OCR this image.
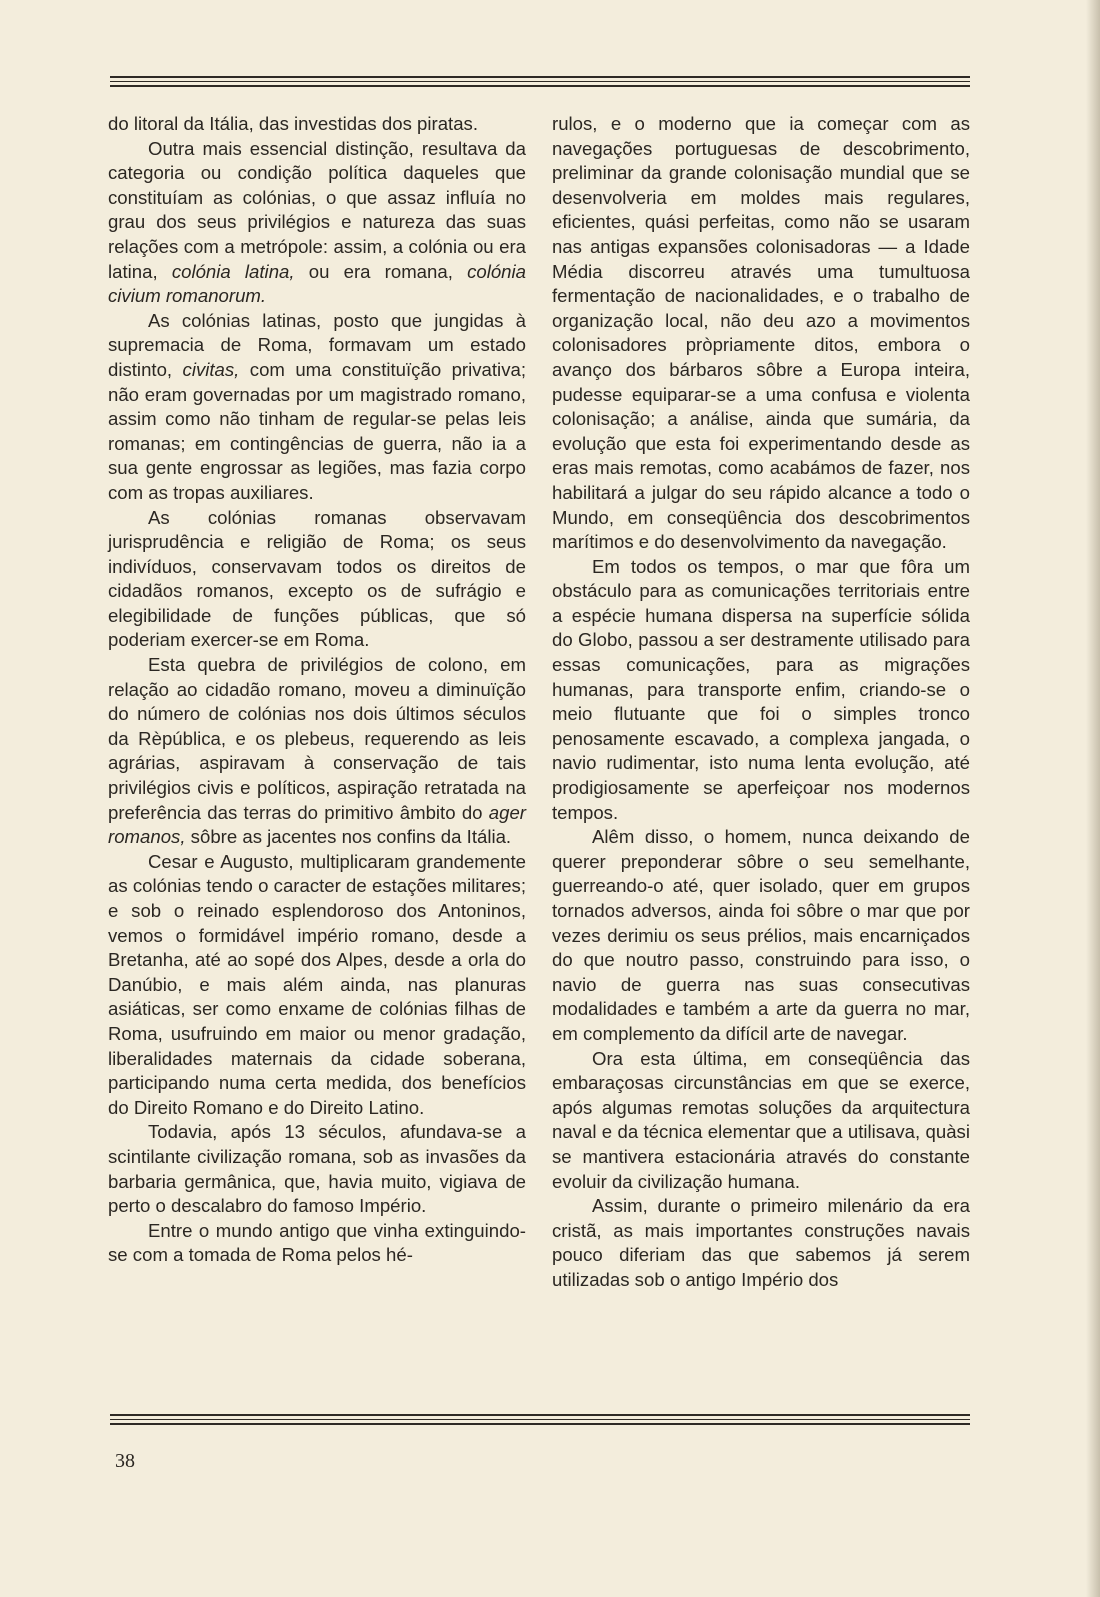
do litoral da Itália, das investidas dos piratas.

Outra mais essencial distinção, resultava da categoria ou condição política daqueles que constituíam as colónias, o que assaz influía no grau dos seus privilégios e natureza das suas relações com a metrópole: assim, a colónia ou era latina, colónia latina, ou era romana, colónia civium romanorum.

As colónias latinas, posto que jungidas à supremacia de Roma, formavam um estado distinto, civitas, com uma constituïção privativa; não eram governadas por um magistrado romano, assim como não tinham de regular-se pelas leis romanas; em contingências de guerra, não ia a sua gente engrossar as legiões, mas fazia corpo com as tropas auxiliares.

As colónias romanas observavam jurisprudência e religião de Roma; os seus indivíduos, conservavam todos os direitos de cidadãos romanos, excepto os de sufrágio e elegibilidade de funções públicas, que só poderiam exercer-se em Roma.

Esta quebra de privilégios de colono, em relação ao cidadão romano, moveu a diminuïção do número de colónias nos dois últimos séculos da Rèpública, e os plebeus, requerendo as leis agrárias, aspiravam à conservação de tais privilégios civis e políticos, aspiração retratada na preferência das terras do primitivo âmbito do ager romanos, sôbre as jacentes nos confins da Itália.

Cesar e Augusto, multiplicaram grandemente as colónias tendo o caracter de estações militares; e sob o reinado esplendoroso dos Antoninos, vemos o formidável império romano, desde a Bretanha, até ao sopé dos Alpes, desde a orla do Danúbio, e mais além ainda, nas planuras asiáticas, ser como enxame de colónias filhas de Roma, usufruindo em maior ou menor gradação, liberalidades maternais da cidade soberana, participando numa certa medida, dos benefícios do Direito Romano e do Direito Latino.

Todavia, após 13 séculos, afundava-se a scintilante civilização romana, sob as invasões da barbaria germânica, que, havia muito, vigiava de perto o descalabro do famoso Império.

Entre o mundo antigo que vinha extinguindo-se com a tomada de Roma pelos hé-

rulos, e o moderno que ia começar com as navegações portuguesas de descobrimento, preliminar da grande colonisação mundial que se desenvolveria em moldes mais regulares, eficientes, quási perfeitas, como não se usaram nas antigas expansões colonisadoras — a Idade Média discorreu através uma tumultuosa fermentação de nacionalidades, e o trabalho de organização local, não deu azo a movimentos colonisadores pròpriamente ditos, embora o avanço dos bárbaros sôbre a Europa inteira, pudesse equiparar-se a uma confusa e violenta colonisação; a análise, ainda que sumária, da evolução que esta foi experimentando desde as eras mais remotas, como acabámos de fazer, nos habilitará a julgar do seu rápido alcance a todo o Mundo, em conseqüência dos descobrimentos marítimos e do desenvolvimento da navegação.

Em todos os tempos, o mar que fôra um obstáculo para as comunicações territoriais entre a espécie humana dispersa na superfície sólida do Globo, passou a ser destramente utilisado para essas comunicações, para as migrações humanas, para transporte enfim, criando-se o meio flutuante que foi o simples tronco penosamente escavado, a complexa jangada, o navio rudimentar, isto numa lenta evolução, até prodigiosamente se aperfeiçoar nos modernos tempos.

Alêm disso, o homem, nunca deixando de querer preponderar sôbre o seu semelhante, guerreando-o até, quer isolado, quer em grupos tornados adversos, ainda foi sôbre o mar que por vezes derimiu os seus prélios, mais encarniçados do que noutro passo, construindo para isso, o navio de guerra nas suas consecutivas modalidades e também a arte da guerra no mar, em complemento da difícil arte de navegar.

Ora esta última, em conseqüência das embaraçosas circunstâncias em que se exerce, após algumas remotas soluções da arquitectura naval e da técnica elementar que a utilisava, quàsi se mantivera estacionária através do constante evoluir da civilização humana.

Assim, durante o primeiro milenário da era cristã, as mais importantes construções navais pouco diferiam das que sabemos já serem utilizadas sob o antigo Império dos

38
